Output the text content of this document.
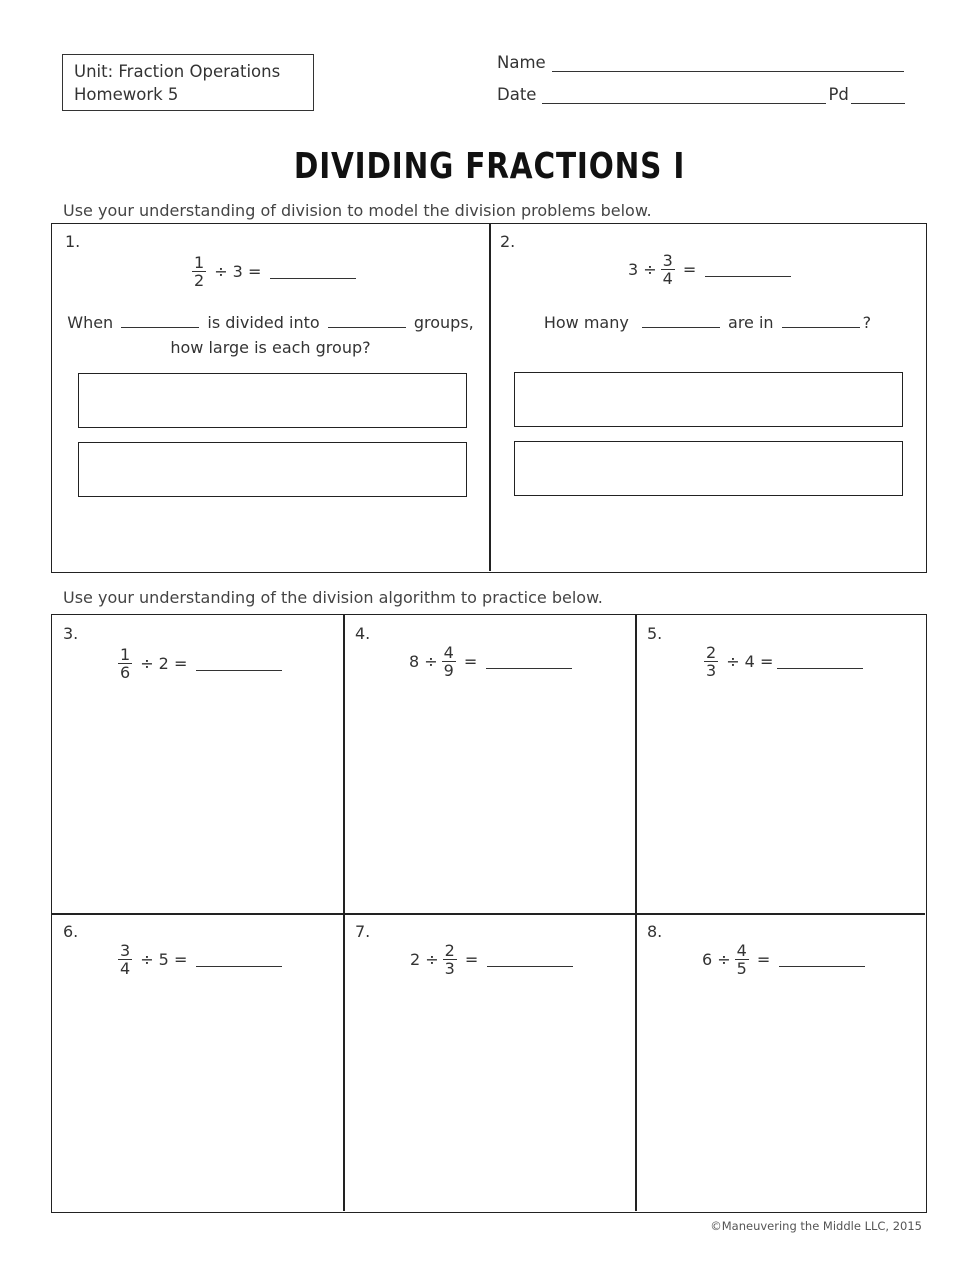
Unit: Fraction Operations
Homework 5
Name
Date	Pd
DIVIDING FRACTIONS I
Use your understanding of division to model the division problems below.
1.
$\frac{1}{2} \div 3$ =
When	is divided into	groups,
how large is each group?
2.
$3 \div \frac{3}{4}$ =
How many	are in	?
Use your understanding of the division algorithm to practice below.
3.
$\frac{1}{6} \div 2$ =
4.
$8 \div \frac{4}{9}$ =
5.
$\frac{2}{3} \div 4$ =
6.
$\frac{3}{4} \div 5$ =
7.
$2 \div \frac{2}{3}$ =
8.
$6 \div \frac{4}{5}$ =
©Maneuvering the Middle LLC, 2015
